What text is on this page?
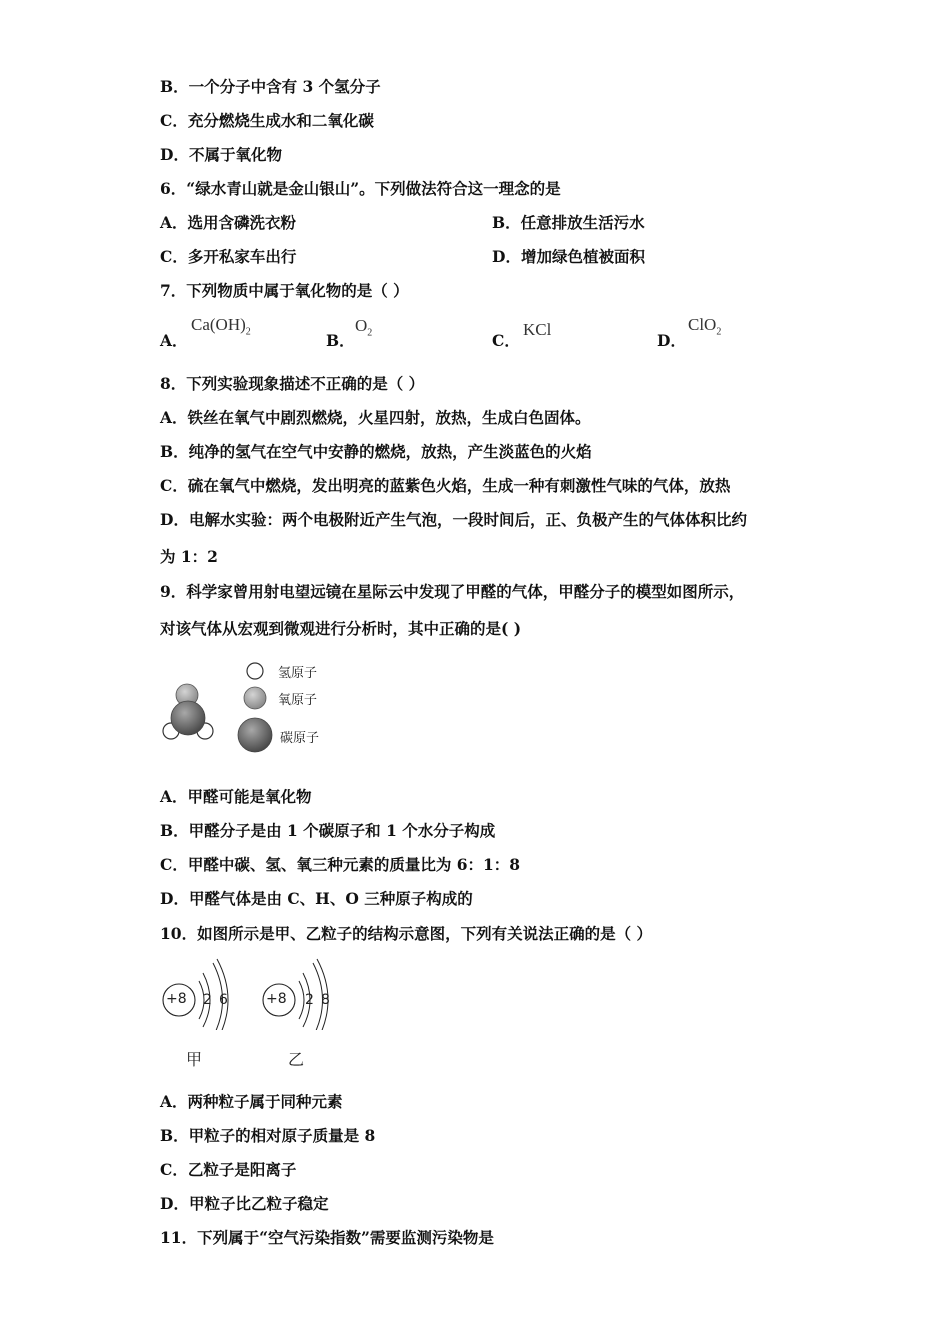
B．一个分子中含有 3 个氢分子
C．充分燃烧生成水和二氧化碳
D．不属于氧化物
6．“绿水青山就是金山银山”。下列做法符合这一理念的是
A．选用含磷洗衣粉	B．任意排放生活污水
C．多开私家车出行	D．增加绿色植被面积
7．下列物质中属于氧化物的是（ ）
A．
$Ca(OH)_2$	B．
$O_2$	C．
KCl
D．
ClO$_2$
8．下列实验现象描述不正确的是（ ）
A．铁丝在氧气中剧烈燃烧，火星四射，放热，生成白色固体。
B．纯净的氢气在空气中安静的燃烧，放热，产生淡蓝色的火焰
C．硫在氧气中燃烧，发出明亮的蓝紫色火焰，生成一种有刺激性气味的气体，放热
D．电解水实验：两个电极附近产生气泡，一段时间后，正、负极产生的气体体积比约
为 1：2
9．科学家曾用射电望远镜在星际云中发现了甲醛的气体，甲醛分子的模型如图所示，
对该气体从宏观到微观进行分析时，其中正确的是( )
氢原子
氧原子
碳原子
A．甲醛可能是氧化物
B．甲醛分子是由 1 个碳原子和 1 个水分子构成
C．甲醛中碳、氢、氧三种元素的质量比为 6：1：8
D．甲醛气体是由 C、H、O 三种原子构成的
10．如图所示是甲、乙粒子的结构示意图，下列有关说法正确的是（ ）
+8 2 6
甲
+8 2 8
乙
A．两种粒子属于同种元素
B．甲粒子的相对原子质量是 8
C．乙粒子是阳离子
D．甲粒子比乙粒子稳定
11．下列属于“空气污染指数”需要监测污染物是
